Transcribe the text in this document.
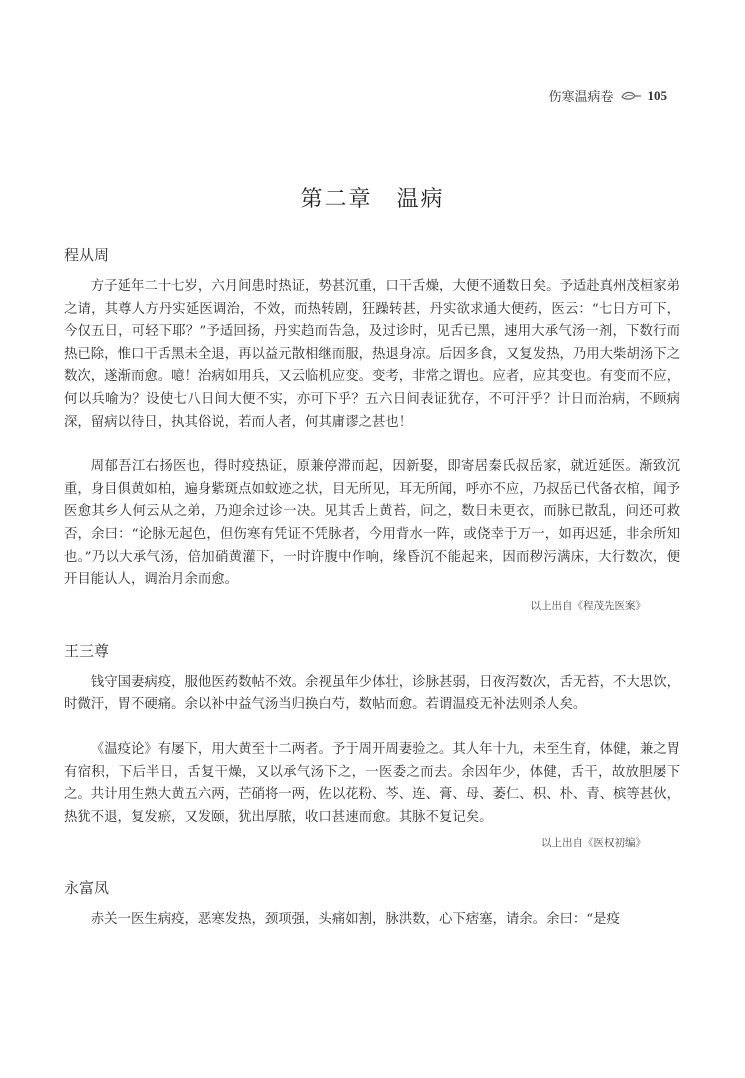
伤寒温病卷	105
第二章　温病
程从周

方子延年二十七岁，六月间患时热证，势甚沉重，口干舌燥，大便不通数日矣。予适赴真州茂桓家弟之请，其尊人方丹实延医调治，不效，而热转剧，狂躁转甚，丹实欲求通大便药，医云：“七日方可下，今仅五日，可轻下耶？”予适回扬，丹实趋而告急，及过诊时，见舌已黑，速用大承气汤一剂，下数行而热已除，惟口干舌黑未全退，再以益元散相继而服，热退身凉。后因多食，又复发热，乃用大柴胡汤下之数次，遂渐而愈。噫！治病如用兵，又云临机应变。变考，非常之谓也。应者，应其变也。有变而不应，何以兵喻为？设使七八日间大便不实，亦可下乎？五六日间表证犹存，不可汗乎？计日而治病，不顾病深，留病以待日，执其俗说，若而人者，何其庸谬之甚也！

周郁吾江右扬医也，得时疫热证，原兼停滞而起，因新娶，即寄居秦氏叔岳家，就近延医。渐致沉重，身目俱黄如柏，遍身紫斑点如蚊迹之状，目无所见，耳无所闻，呼亦不应，乃叔岳已代备衣棺，闻予医愈其乡人何云从之弟，乃迎余过诊一决。见其舌上黄苔，问之，数日未更衣，而脉已散乱，问还可救否，余曰：“论脉无起色，但伤寒有凭证不凭脉者，今用背水一阵，或侥幸于万一，如再迟延，非余所知也。”乃以大承气汤，倍加硝黄灌下，一时许腹中作响，缘昏沉不能起来，因而秽污满床，大行数次，便开目能认人，调治月余而愈。

以上出自《程茂先医案》
王三尊

钱守国妻病疫，服他医药数帖不效。余视虽年少体壮，诊脉甚弱，日夜泻数次，舌无苔，不大思饮，时微汗，胃不硬痛。余以补中益气汤当归换白芍，数帖而愈。若谓温疫无补法则杀人矣。

《温疫论》有屡下，用大黄至十二两者。予于周开周妻验之。其人年十九，未至生育，体健，兼之胃有宿积，下后半日，舌复干燥，又以承气汤下之，一医委之而去。余因年少，体健，舌干，故放胆屡下之。共计用生熟大黄五六两，芒硝将一两，佐以花粉、芩、连、膏、母、萎仁、枳、朴、青、槟等甚伙，热犹不退，复发瘀，又发颐，犹出厚脓，收口甚速而愈。其脉不复记矣。

以上出自《医权初编》
永富凤

赤关一医生病疫，恶寒发热，颈项强，头痛如割，脉洪数，心下痞塞，请余。余曰：“是疫
